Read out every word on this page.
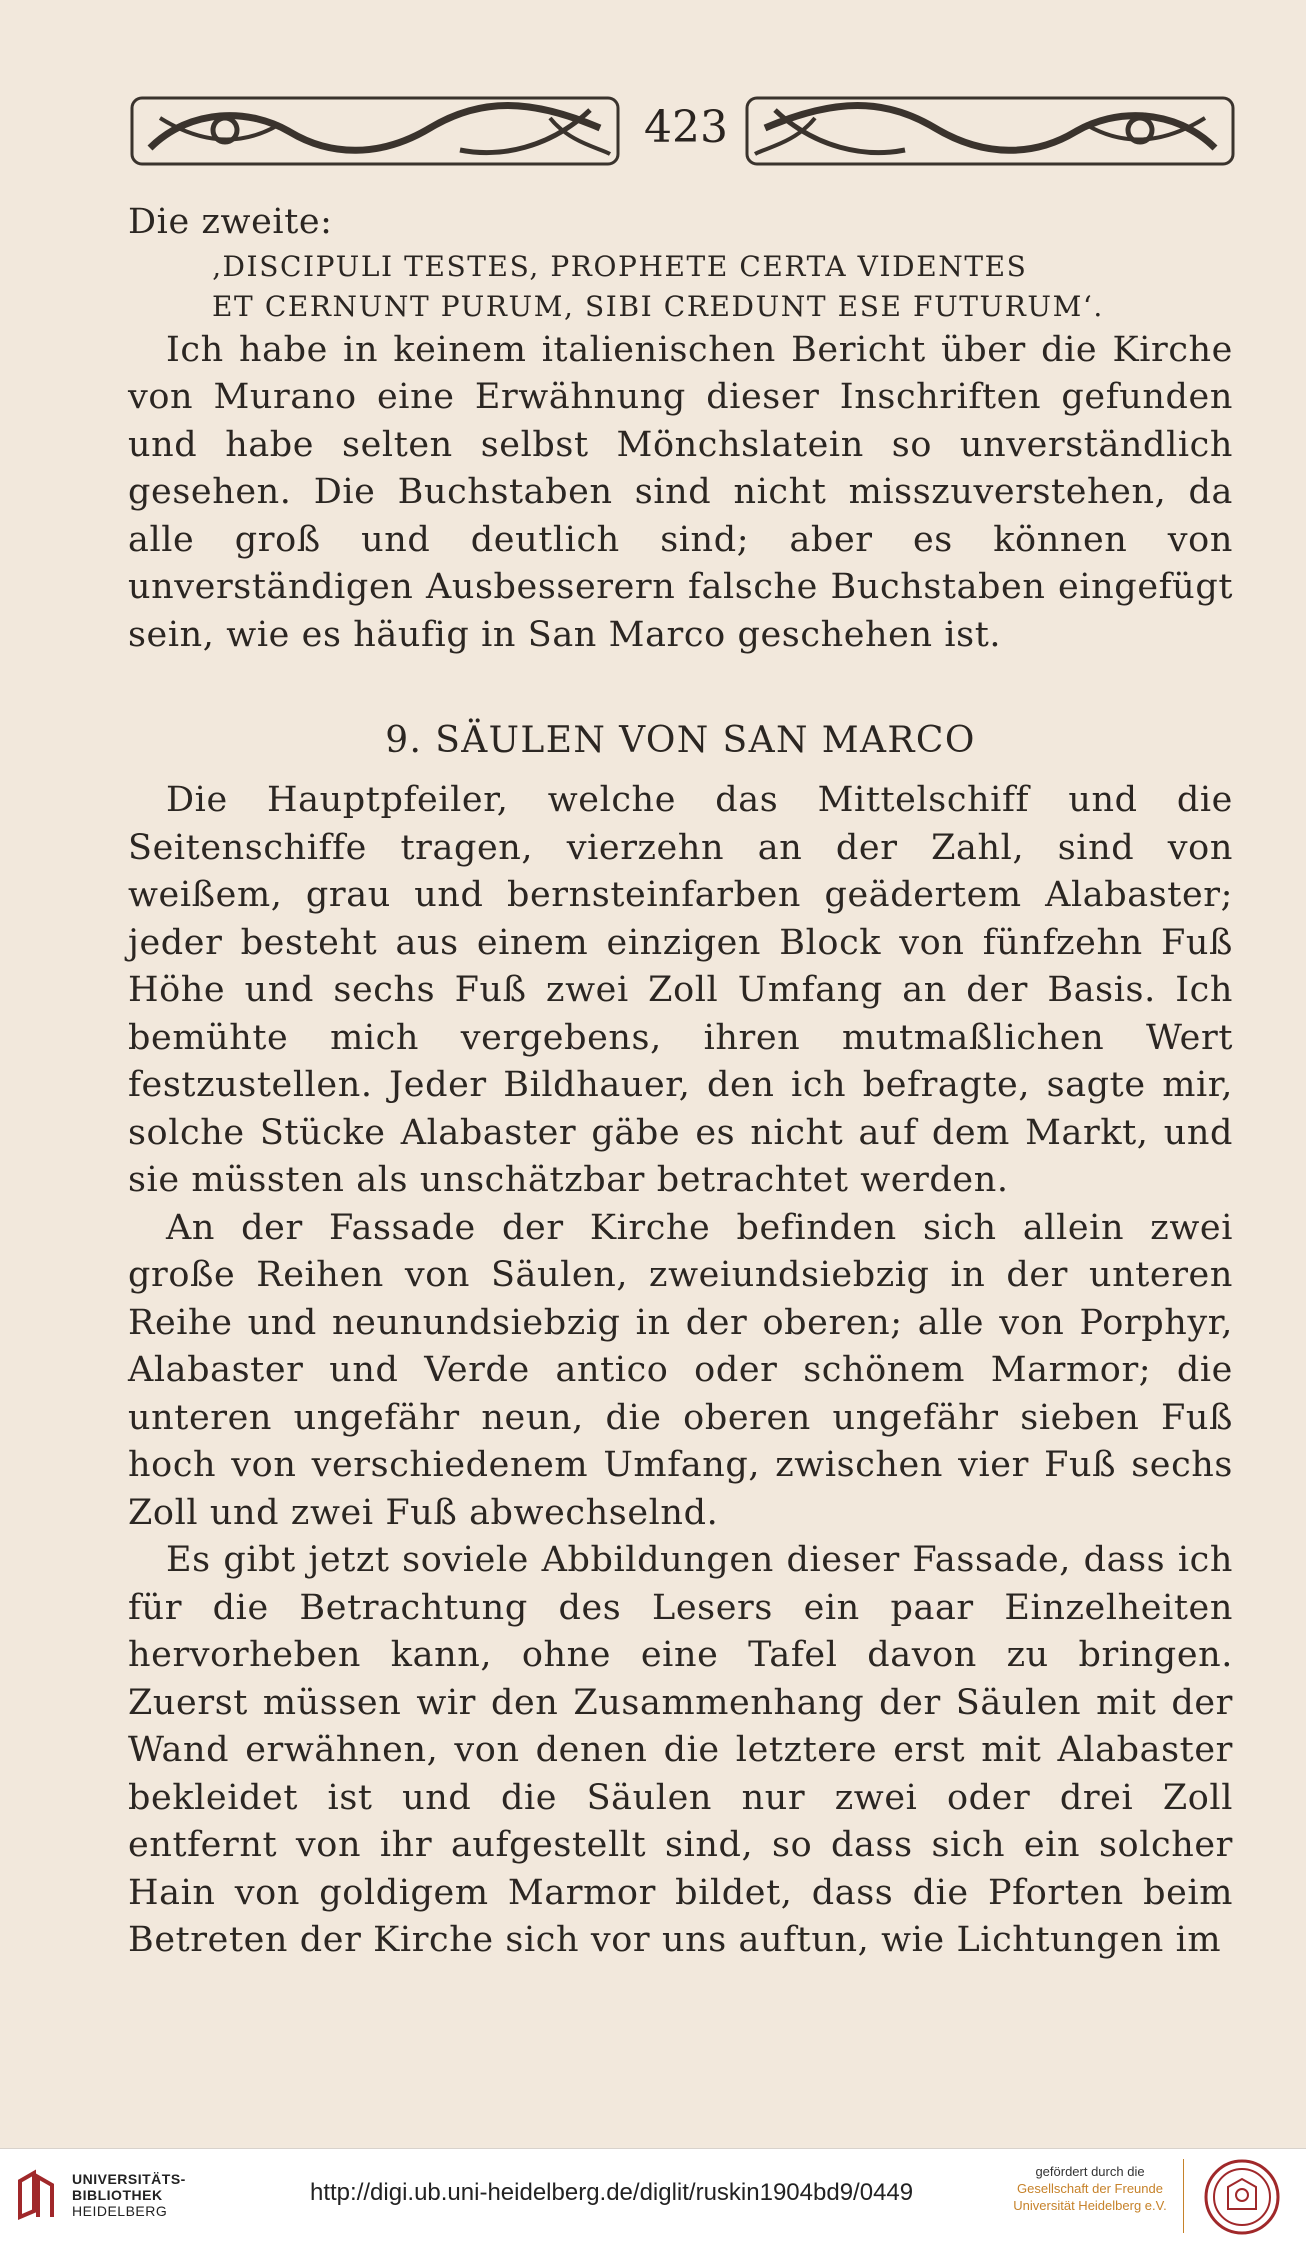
423

Die zweite:

‚DISCIPULI TESTES, PROPHETE CERTA VIDENTES
ET CERNUNT PURUM, SIBI CREDUNT ESE FUTURUM‘.

Ich habe in keinem italienischen Bericht über die Kirche von Murano eine Erwähnung dieser Inschriften gefunden und habe selten selbst Mönchslatein so unverständlich gesehen. Die Buchstaben sind nicht misszuverstehen, da alle groß und deutlich sind; aber es können von unverständigen Ausbesserern falsche Buchstaben eingefügt sein, wie es häufig in San Marco geschehen ist.

9. SÄULEN VON SAN MARCO

Die Hauptpfeiler, welche das Mittelschiff und die Seitenschiffe tragen, vierzehn an der Zahl, sind von weißem, grau und bernsteinfarben geädertem Alabaster; jeder besteht aus einem einzigen Block von fünfzehn Fuß Höhe und sechs Fuß zwei Zoll Umfang an der Basis. Ich bemühte mich vergebens, ihren mutmaßlichen Wert festzustellen. Jeder Bildhauer, den ich befragte, sagte mir, solche Stücke Alabaster gäbe es nicht auf dem Markt, und sie müssten als unschätzbar betrachtet werden.

An der Fassade der Kirche befinden sich allein zwei große Reihen von Säulen, zweiundsiebzig in der unteren Reihe und neunundsiebzig in der oberen; alle von Porphyr, Alabaster und Verde antico oder schönem Marmor; die unteren ungefähr neun, die oberen ungefähr sieben Fuß hoch von verschiedenem Umfang, zwischen vier Fuß sechs Zoll und zwei Fuß abwechselnd.

Es gibt jetzt soviele Abbildungen dieser Fassade, dass ich für die Betrachtung des Lesers ein paar Einzelheiten hervorheben kann, ohne eine Tafel davon zu bringen. Zuerst müssen wir den Zusammenhang der Säulen mit der Wand erwähnen, von denen die letztere erst mit Alabaster bekleidet ist und die Säulen nur zwei oder drei Zoll entfernt von ihr aufgestellt sind, so dass sich ein solcher Hain von goldigem Marmor bildet, dass die Pforten beim Betreten der Kirche sich vor uns auftun, wie Lichtungen im

UNIVERSITÄTS-
BIBLIOTHEK
HEIDELBERG
http://digi.ub.uni-heidelberg.de/diglit/ruskin1904bd9/0449
gefördert durch die
Gesellschaft der Freunde
Universität Heidelberg e.V.
